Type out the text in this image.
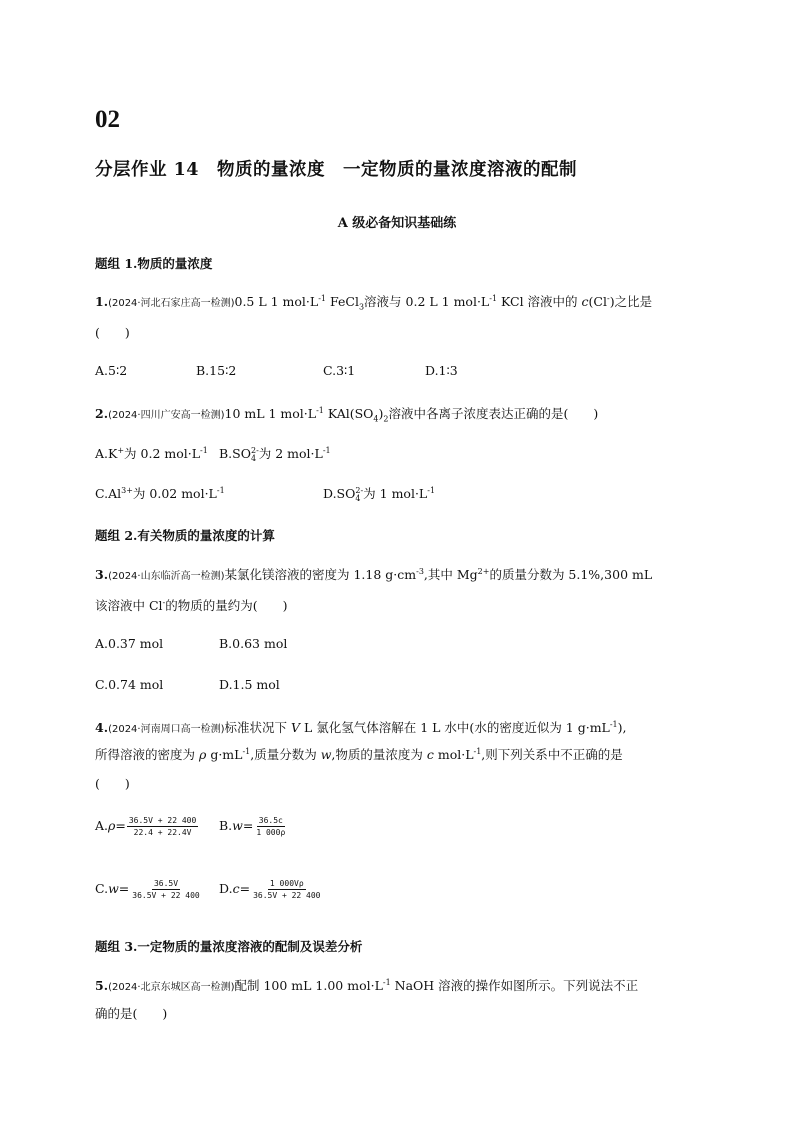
02
分层作业 14　物质的量浓度　一定物质的量浓度溶液的配制
A 级必备知识基础练
题组 1.物质的量浓度
1.(2024·河北石家庄高一检测)0.5 L 1 $mol\cdot L^{-1}$ FeCl$_3$溶液与 0.2 L 1 $mol\cdot L^{-1}$ KCl 溶液中的 c(Cl-)之比是
(　　)
A.5∶2	B.15∶2	C.3∶1	D.1∶3
2.(2024·四川广安高一检测)10 mL 1 $mol\cdot L^{-1}$ $KAl(SO_4)_2$溶液中各离子浓度表达正确的是(　　)
A.K+为 0.2 $mol\cdot L^{-1}$ B.SO 2-
4 为 2 $mol\cdot L^{-1}$
$C.Al^{3+}$为 0.02 $mol\cdot L^{-1}$	D.SO 2-
4 为 1 $mol\cdot L^{-1}$
题组 2.有关物质的量浓度的计算
3.(2024·山东临沂高一检测)某氯化镁溶液的密度为 1.18 $g\cdot cm^{-3}$,其中 $Mg^{2+}$的质量分数为 5.1%,300 mL
该溶液中 Cl-的物质的量约为(　　)
A.0.37 mol	B.0.63 mol
C.0.74 mol	D.1.5 mol
4.(2024·河南周口高一检测)标准状况下 V L 氯化氢气体溶解在 1 L 水中(水的密度近似为 1 $g\cdot mL^{-1}$),
所得溶液的密度为 ρ $g\cdot mL^{-1}$,质量分数为 w,物质的量浓度为 c $mol\cdot L^{-1}$,则下列关系中不正确的是
(　　)
$A.\rho= \frac{36.5V + 22 400}{22.4 + 22.4V} B.w= \frac{36.5c}{1 000\rho}$
$C.w= \frac{36.5V}{36.5V + 22 400} D.c= \frac{1 000V\rho}{36.5V + 22 400}$
题组 3.一定物质的量浓度溶液的配制及误差分析
5.(2024·北京东城区高一检测)配制 100 mL 1.00 $mol\cdot L^{-1}$ NaOH 溶液的操作如图所示。下列说法不正
确的是(　　)
